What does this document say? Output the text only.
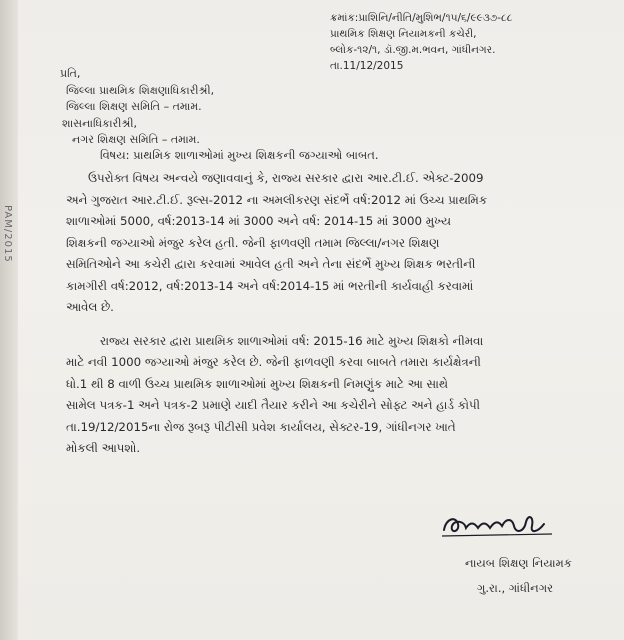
PAM/2015
ક્રમાંક:પ્રાશિનિ/નીતિ/મુશિભ/૧૫/૬/૯૯૩૭-૮૮
પ્રાથમિક શિક્ષણ નિયામકની કચેરી,
બ્લોક-૧૨/૧, ડૉ.જી.મ.ભવન, ગાંધીનગર.
તા.11/12/2015
પ્રતિ,
જિલ્લા પ્રાથમિક શિક્ષણાધિકારીશ્રી,
જિલ્લા શિક્ષણ સમિતિ – તમામ.
શાસનાધિકારીશ્રી,
નગર શિક્ષણ સમિતિ – તમામ.
વિષય: પ્રાથમિક શાળાઓમાં મુખ્ય શિક્ષકની જગ્યાઓ બાબત.

ઉપરોક્ત વિષય અન્વયે જણાવવાનું કે, રાજ્ય સરકાર દ્વારા આર.ટી.ઈ. એક્ટ-2009

અને ગુજરાત આર.ટી.ઈ. રૂલ્સ-2012 ના અમલીકરણ સંદર્ભે વર્ષ:2012 માં ઉચ્ચ પ્રાથમિક

શાળાઓમાં 5000, વર્ષ:2013-14 માં 3000 અને વર્ષ: 2014-15 માં 3000 મુખ્ય

શિક્ષકની જગ્યાઓ મંજુર કરેલ હતી. જેની ફાળવણી તમામ જિલ્લા/નગર શિક્ષણ

સમિતિઓને આ કચેરી દ્વારા કરવામાં આવેલ હતી અને તેના સંદર્ભે મુખ્ય શિક્ષક ભરતીની

કામગીરી વર્ષ:2012, વર્ષ:2013-14 અને વર્ષ:2014-15 માં ભરતીની કાર્યવાહી કરવામાં

આવેલ છે.

રાજ્ય સરકાર દ્વારા પ્રાથમિક શાળાઓમાં વર્ષ: 2015-16 માટે મુખ્ય શિક્ષકો નીમવા

માટે નવી 1000 જગ્યાઓ મંજુર કરેલ છે. જેની ફાળવણી કરવા બાબતે તમારા કાર્યક્ષેત્રની

ધો.1 થી 8 વાળી ઉચ્ચ પ્રાથમિક શાળાઓમાં મુખ્ય શિક્ષકની નિમણુંક માટે આ સાથે

સામેલ પત્રક-1 અને પત્રક-2 પ્રમાણે યાદી તૈયાર કરીને આ કચેરીને સોફ્ટ અને હાર્ડ કોપી

તા.19/12/2015ના રોજ રૂબરૂ પીટીસી પ્રવેશ કાર્યાલય, સેક્ટર-19, ગાંધીનગર ખાતે

મોકલી આપશો.

નાયબ શિક્ષણ નિયામક
ગુ.રા., ગાંધીનગર
